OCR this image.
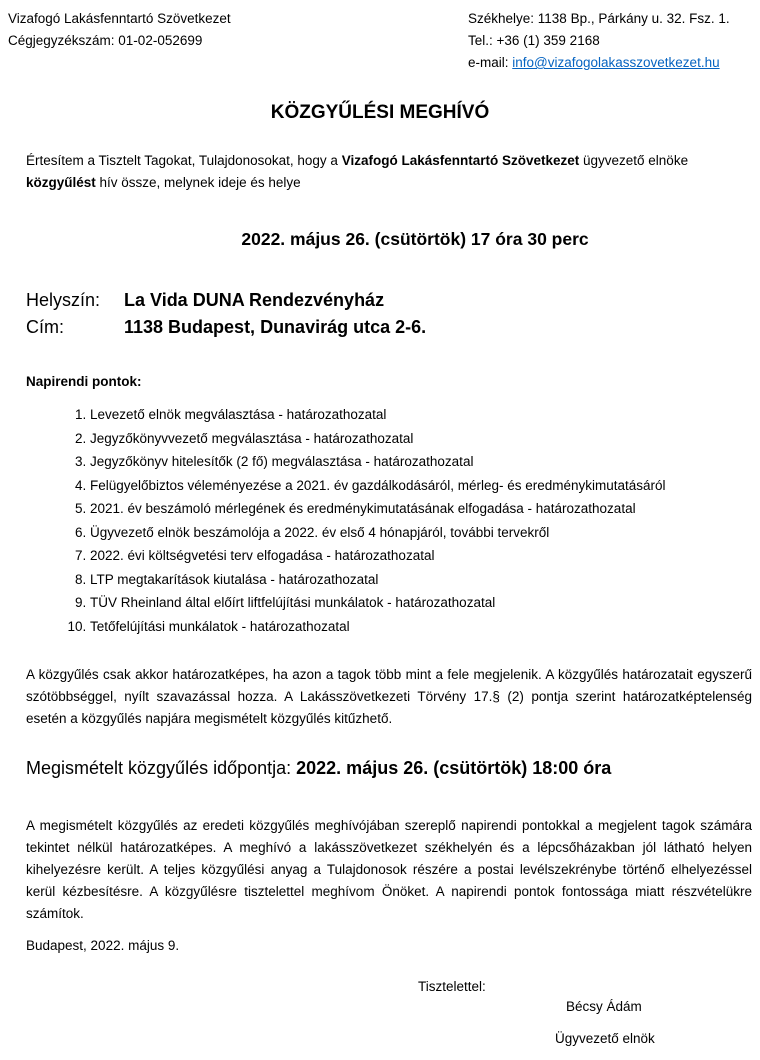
Vizafogó Lakásfenntartó Szövetkezet
Cégjegyzékszám: 01-02-052699
Székhelye: 1138 Bp., Párkány u. 32. Fsz. 1.
Tel.: +36 (1) 359 2168
e-mail: info@vizafogolakasszovetkezet.hu
KÖZGYŰLÉSI MEGHÍVÓ
Értesítem a Tisztelt Tagokat, Tulajdonosokat, hogy a Vizafogó Lakásfenntartó Szövetkezet ügyvezető elnöke közgyűlést hív össze, melynek ideje és helye
2022. május 26. (csütörtök) 17 óra 30 perc
Helyszín: La Vida DUNA Rendezvényház
Cím:	1138 Budapest, Dunavirág utca 2-6.
Napirendi pontok:
1. Levezető elnök megválasztása - határozathozatal
2. Jegyzőkönyvvezető megválasztása - határozathozatal
3. Jegyzőkönyv hitelesítők (2 fő) megválasztása - határozathozatal
4. Felügyelőbiztos véleményezése a 2021. év gazdálkodásáról, mérleg- és eredménykimutatásáról
5. 2021. év beszámoló mérlegének és eredménykimutatásának elfogadása - határozathozatal
6. Ügyvezető elnök beszámolója a 2022. év első 4 hónapjáról, további tervekről
7. 2022. évi költségvetési terv elfogadása - határozathozatal
8. LTP megtakarítások kiutalása - határozathozatal
9. TÜV Rheinland által előírt liftfelújítási munkálatok - határozathozatal
10. Tetőfelújítási munkálatok - határozathozatal
A közgyűlés csak akkor határozatképes, ha azon a tagok több mint a fele megjelenik. A közgyűlés határozatait egyszerű szótöbbséggel, nyílt szavazással hozza. A Lakásszövetkezeti Törvény 17.§ (2) pontja szerint határozatképtelenség esetén a közgyűlés napjára megismételt közgyűlés kitűzhető.
Megismételt közgyűlés időpontja: 2022. május 26. (csütörtök) 18:00 óra
A megismételt közgyűlés az eredeti közgyűlés meghívójában szereplő napirendi pontokkal a megjelent tagok számára tekintet nélkül határozatképes. A meghívó a lakásszövetkezet székhelyén és a lépcsőházakban jól látható helyen kihelyezésre került. A teljes közgyűlési anyag a Tulajdonosok részére a postai levélszekrénybe történő elhelyezéssel kerül kézbesítésre. A közgyűlésre tisztelettel meghívom Önöket. A napirendi pontok fontossága miatt részvételükre számítok.
Budapest, 2022. május 9.
Tisztelettel:
Bécsy Ádám
Ügyvezető elnök
